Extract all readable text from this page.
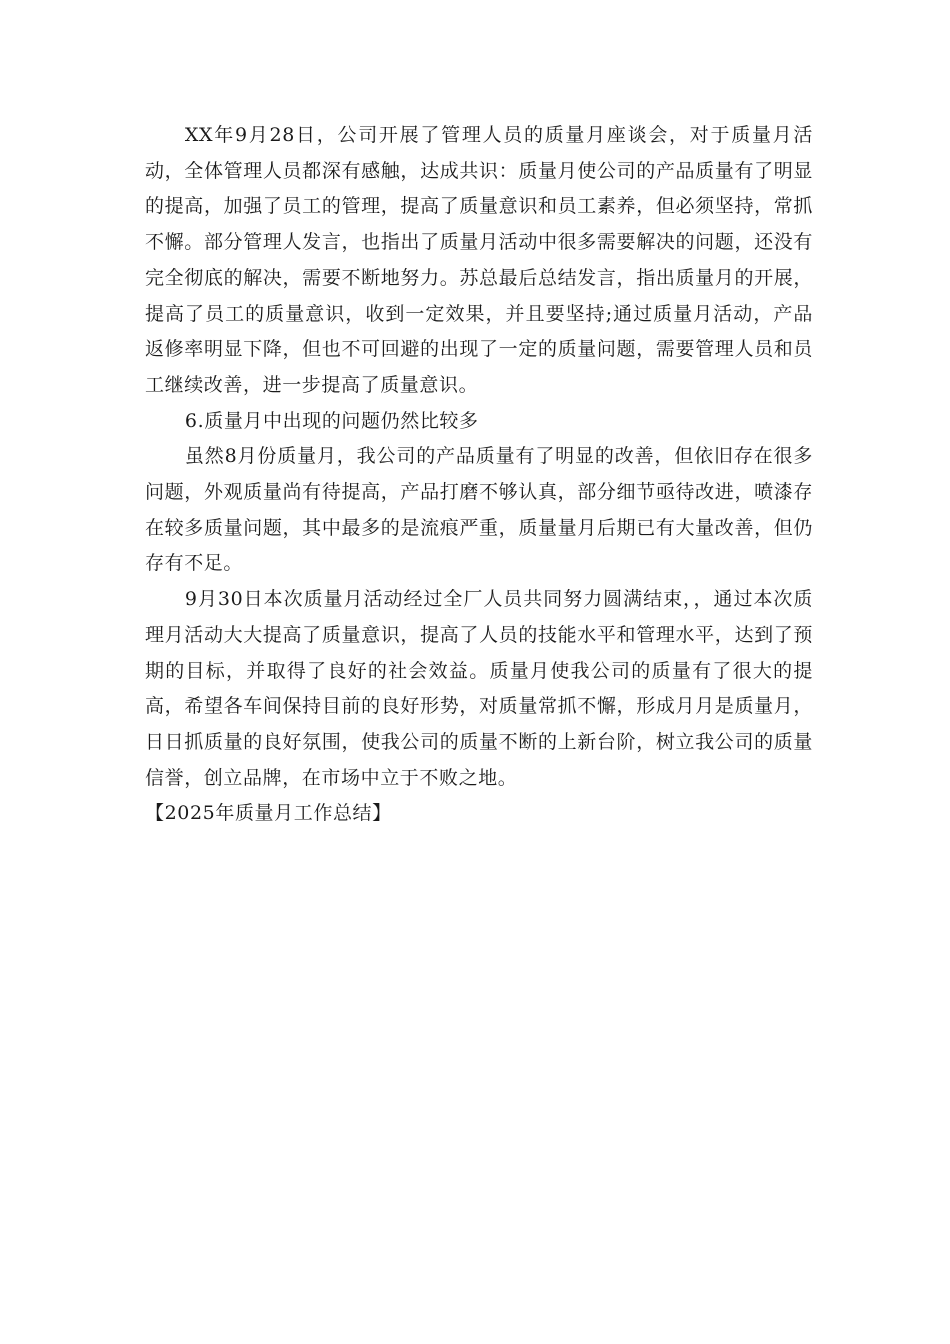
XX年9月28日，公司开展了管理人员的质量月座谈会，对于质量月活动，全体管理人员都深有感触，达成共识：质量月使公司的产品质量有了明显的提高，加强了员工的管理，提高了质量意识和员工素养，但必须坚持，常抓不懈。部分管理人发言，也指出了质量月活动中很多需要解决的问题，还没有完全彻底的解决，需要不断地努力。苏总最后总结发言，指出质量月的开展，提高了员工的质量意识，收到一定效果，并且要坚持;通过质量月活动，产品返修率明显下降，但也不可回避的出现了一定的质量问题，需要管理人员和员工继续改善，进一步提高了质量意识。

6.质量月中出现的问题仍然比较多

虽然8月份质量月，我公司的产品质量有了明显的改善，但依旧存在很多问题，外观质量尚有待提高，产品打磨不够认真，部分细节亟待改进，喷漆存在较多质量问题，其中最多的是流痕严重，质量量月后期已有大量改善，但仍存有不足。

9月30日本次质量月活动经过全厂人员共同努力圆满结束，，通过本次质理月活动大大提高了质量意识，提高了人员的技能水平和管理水平，达到了预期的目标，并取得了良好的社会效益。质量月使我公司的质量有了很大的提高，希望各车间保持目前的良好形势，对质量常抓不懈，形成月月是质量月，日日抓质量的良好氛围，使我公司的质量不断的上新台阶，树立我公司的质量信誉，创立品牌，在市场中立于不败之地。

【2025年质量月工作总结】
